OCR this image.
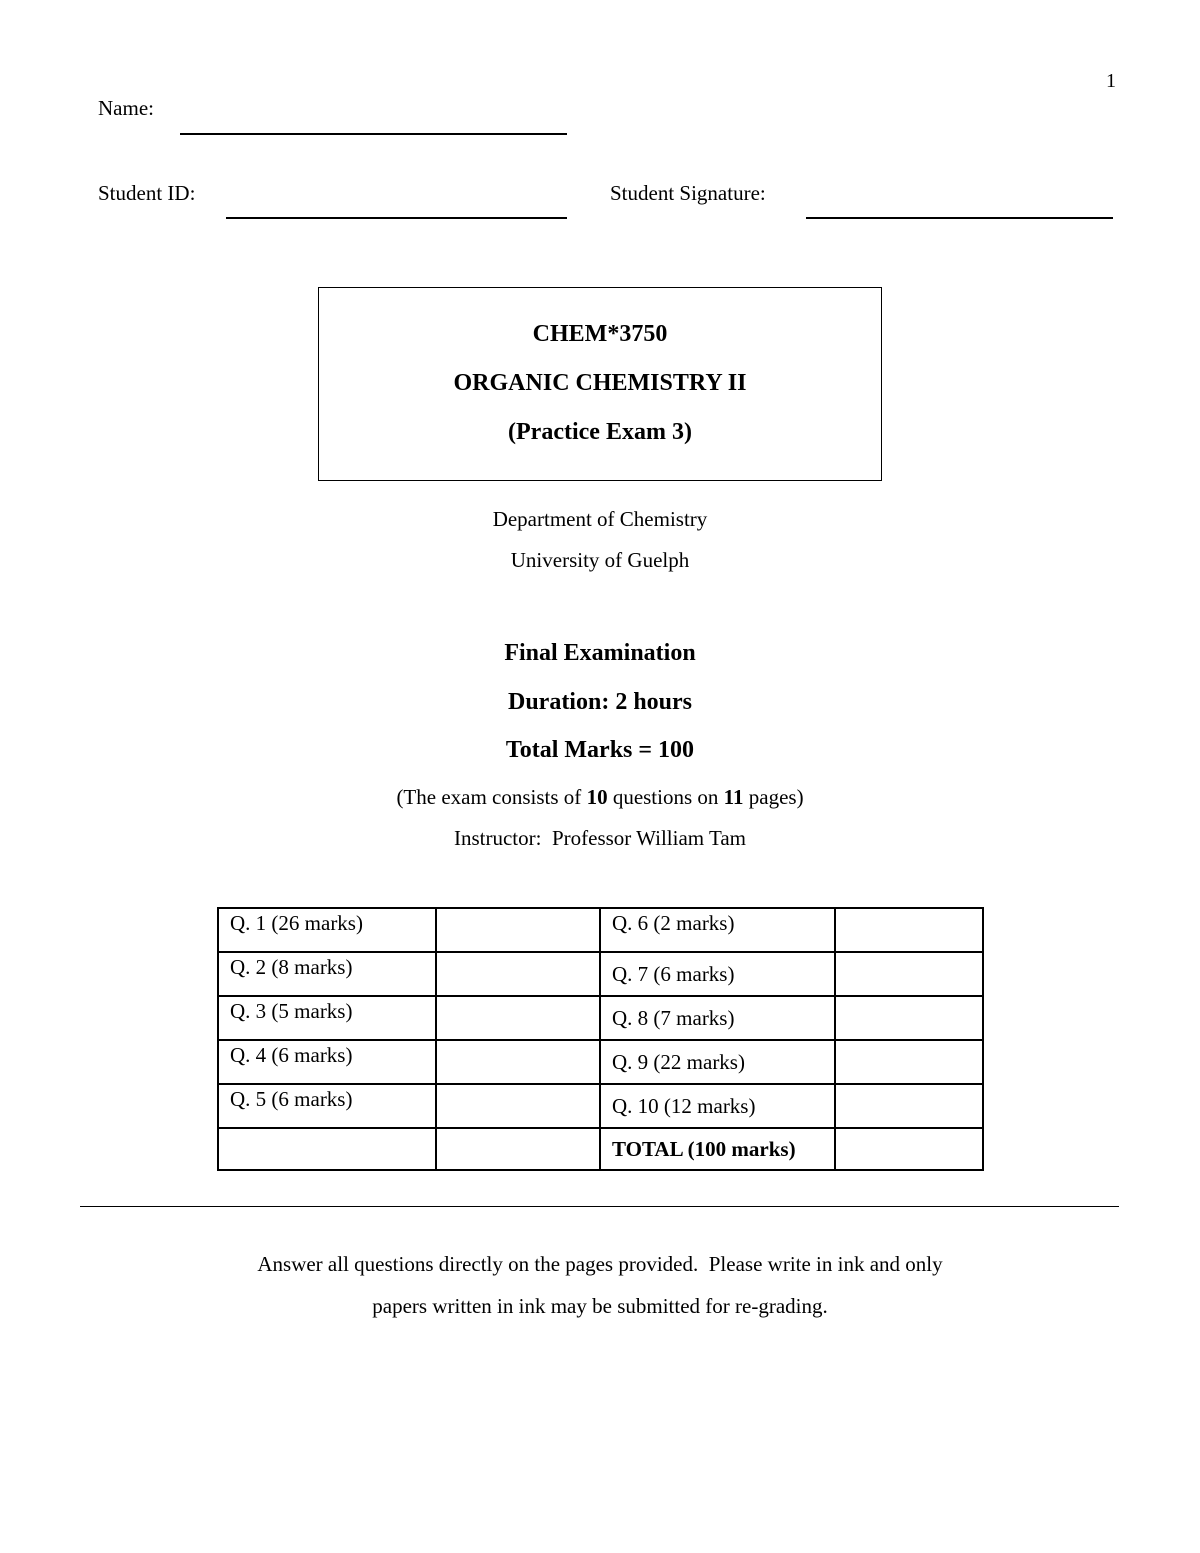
1
Name:
Student ID:	Student Signature:
CHEM*3750
ORGANIC CHEMISTRY II
(Practice Exam 3)
Department of Chemistry
University of Guelph
Final Examination
Duration: 2 hours
Total Marks = 100
(The exam consists of 10 questions on 11 pages)
Instructor:  Professor William Tam
Q. 1 (26 marks)		Q. 6 (2 marks)	
Q. 2 (8 marks)		Q. 7 (6 marks)	
Q. 3 (5 marks)		Q. 8 (7 marks)	
Q. 4 (6 marks)		Q. 9 (22 marks)	
Q. 5 (6 marks)		Q. 10 (12 marks)	
		TOTAL (100 marks)	
Answer all questions directly on the pages provided.  Please write in ink and only
papers written in ink may be submitted for re-grading.
